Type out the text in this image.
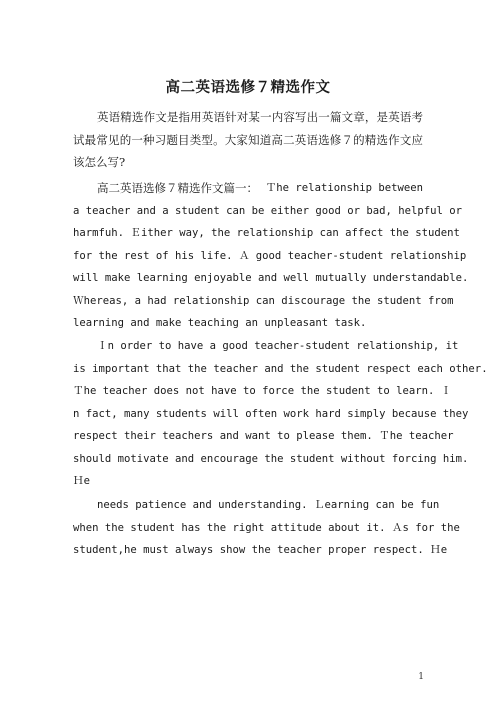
高二英语选修７精选作文

英语精选作文是指用英语针对某一内容写出一篇文章，是英语考试最常见的一种习题目类型。大家知道高二英语选修７的精选作文应该怎么写?

高二英语选修７精选作文篇一： Ｔhe relationship between
a teacher and a student can be either good or bad, helpful or
harmfuh. Ｅither way, the relationship can affect the student
for the rest of his life. Ａ good teacher-student relationship
will make learning enjoyable and well mutually understandable.
Ｗhereas, a had relationship can discourage the student from
learning and make teaching an unpleasant task.
Ｉn order to have a good teacher-student relationship, it
is important that the teacher and the student respect each other.
Ｔhe teacher does not have to force the student to learn. Ｉ
n fact, many students will often work hard simply because they
respect their teachers and want to please them. Ｔhe teacher
should motivate and encourage the student without forcing him.
Ｈe
needs patience and understanding. Ｌearning can be fun
when the student has the right attitude about it. Ａs for the
student,he must always show the teacher proper respect. Ｈe
1
